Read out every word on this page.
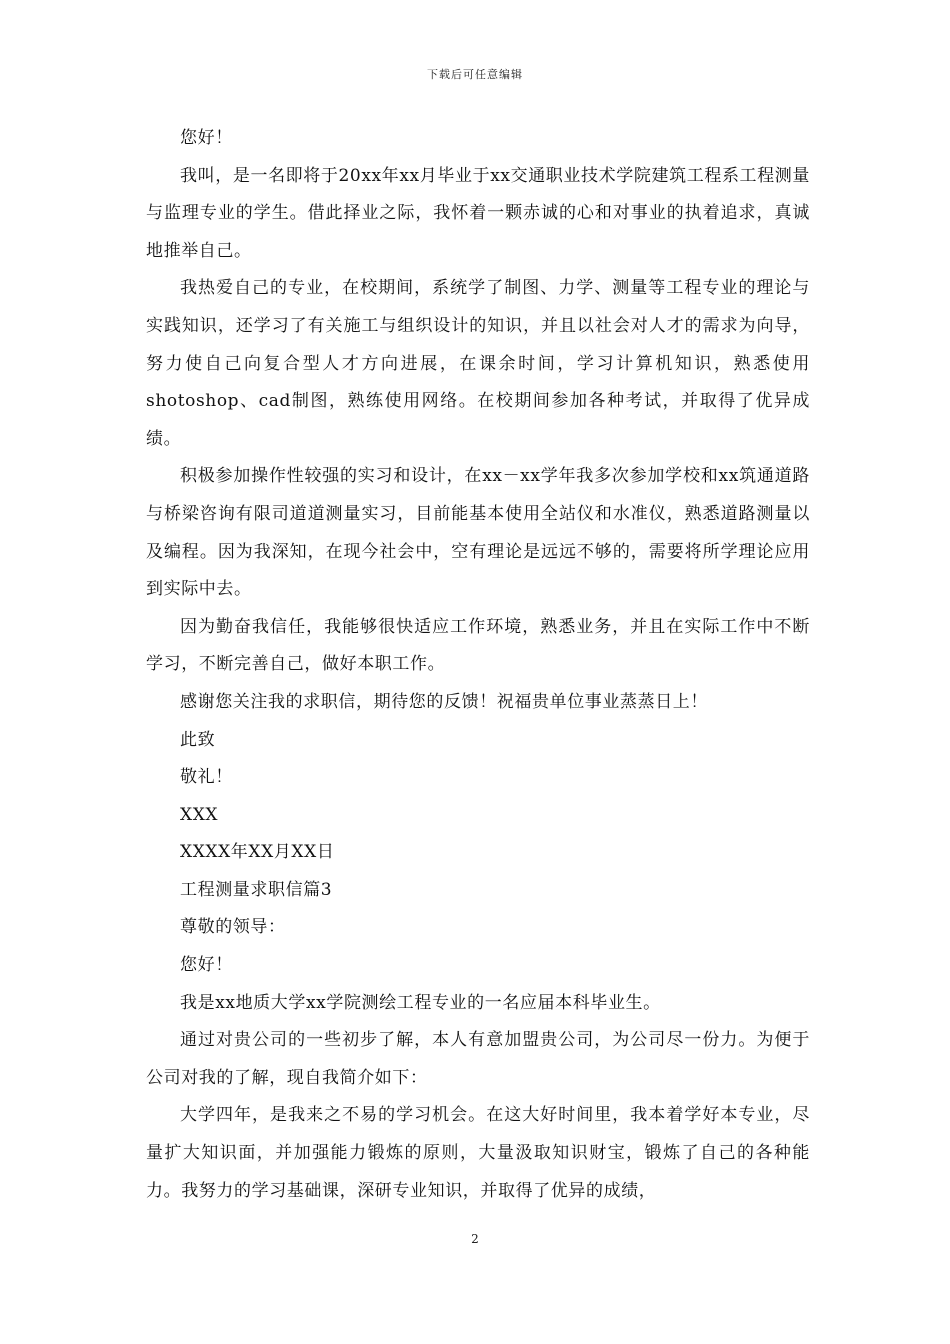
下载后可任意编辑

您好！

我叫，是一名即将于20xx年xx月毕业于xx交通职业技术学院建筑工程系工程测量与监理专业的学生。借此择业之际，我怀着一颗赤诚的心和对事业的执着追求，真诚地推举自己。

我热爱自己的专业，在校期间，系统学了制图、力学、测量等工程专业的理论与实践知识，还学习了有关施工与组织设计的知识，并且以社会对人才的需求为向导，努力使自己向复合型人才方向进展，在课余时间，学习计算机知识，熟悉使用shotoshop、cad制图，熟练使用网络。在校期间参加各种考试，并取得了优异成绩。

积极参加操作性较强的实习和设计，在xx－xx学年我多次参加学校和xx筑通道路与桥梁咨询有限司道道测量实习，目前能基本使用全站仪和水准仪，熟悉道路测量以及编程。因为我深知，在现今社会中，空有理论是远远不够的，需要将所学理论应用到实际中去。

因为勤奋我信任，我能够很快适应工作环境，熟悉业务，并且在实际工作中不断学习，不断完善自己，做好本职工作。

感谢您关注我的求职信，期待您的反馈！祝福贵单位事业蒸蒸日上！

此致

敬礼！

XXX

XXXX年XX月XX日

工程测量求职信篇3

尊敬的领导：

您好！

我是xx地质大学xx学院测绘工程专业的一名应届本科毕业生。

通过对贵公司的一些初步了解，本人有意加盟贵公司，为公司尽一份力。为便于公司对我的了解，现自我简介如下：

大学四年，是我来之不易的学习机会。在这大好时间里，我本着学好本专业，尽量扩大知识面，并加强能力锻炼的原则，大量汲取知识财宝，锻炼了自己的各种能力。我努力的学习基础课，深研专业知识，并取得了优异的成绩，

2
